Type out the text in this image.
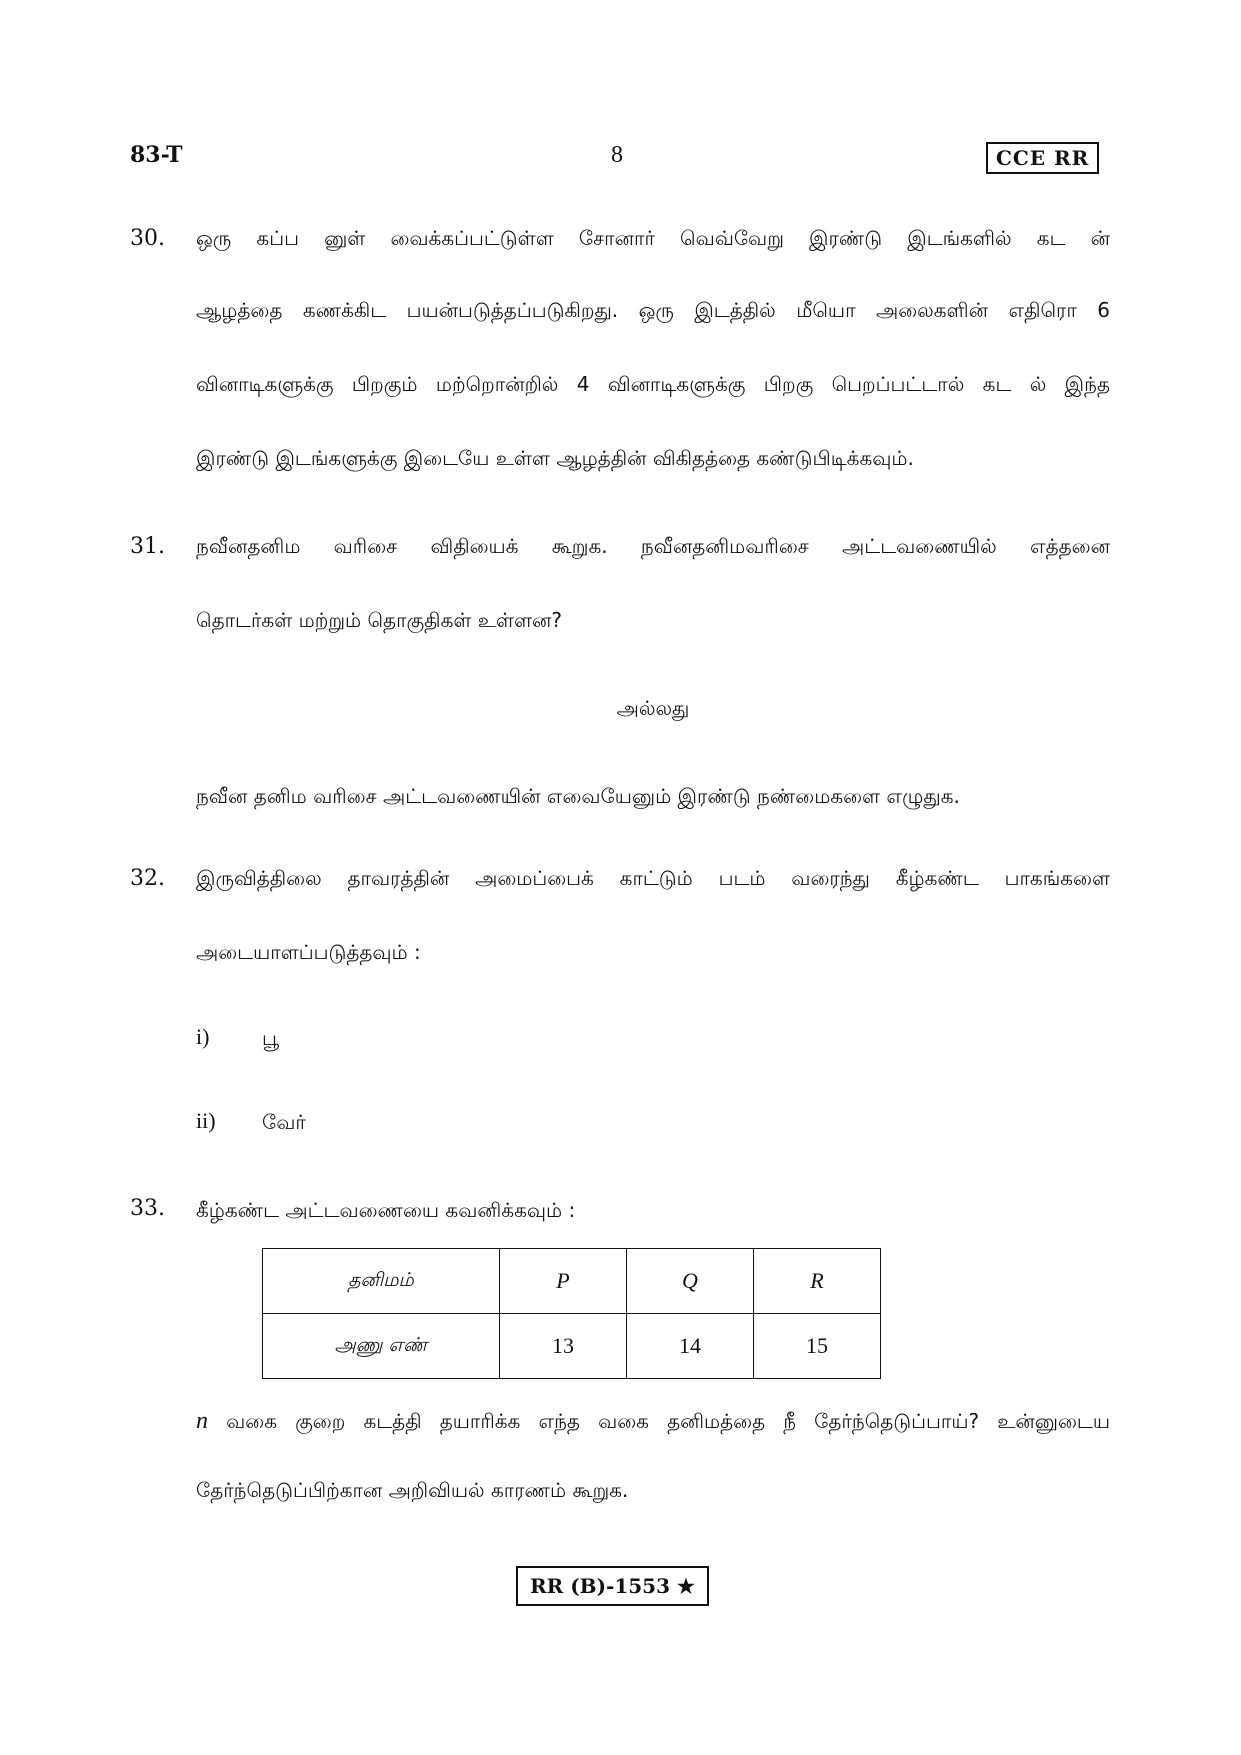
83-T	8	CCE RR
30. ஒரு கப்ப னுள் வைக்கப்பட்டுள்ள சோனார் வெவ்வேறு இரண்டு இடங்களில் கட ன்
ஆழத்தை கணக்கிட பயன்படுத்தப்படுகிறது. ஒரு இடத்தில் மீயொ அலைகளின் எதிரொ 6
வினாடிகளுக்கு பிறகும் மற்றொன்றில் 4 வினாடிகளுக்கு பிறகு பெறப்பட்டால் கட ல் இந்த
இரண்டு இடங்களுக்கு இடையே உள்ள ஆழத்தின் விகிதத்தை கண்டுபிடிக்கவும்.
31. நவீனதனிம வரிசை விதியைக் கூறுக. நவீனதனிமவரிசை அட்டவணையில் எத்தனை
தொடர்கள் மற்றும் தொகுதிகள் உள்ளன?
அல்லது
நவீன தனிம வரிசை அட்டவணையின் எவையேனும் இரண்டு நண்மைகளை எழுதுக.
32. இருவித்திலை தாவரத்தின் அமைப்பைக் காட்டும் படம் வரைந்து கீழ்கண்ட பாகங்களை
அடையாளப்படுத்தவும் :
i)	பூ
ii) வேர்
33. கீழ்கண்ட அட்டவணையை கவனிக்கவும் :
தனிமம்	P	Q	R
அணு எண்	13	14	15
n வகை குறை கடத்தி தயாரிக்க எந்த வகை தனிமத்தை நீ தேர்ந்தெடுப்பாய்? உன்னுடைய
தேர்ந்தெடுப்பிற்கான அறிவியல் காரணம் கூறுக.
RR (B)-1553 ★
